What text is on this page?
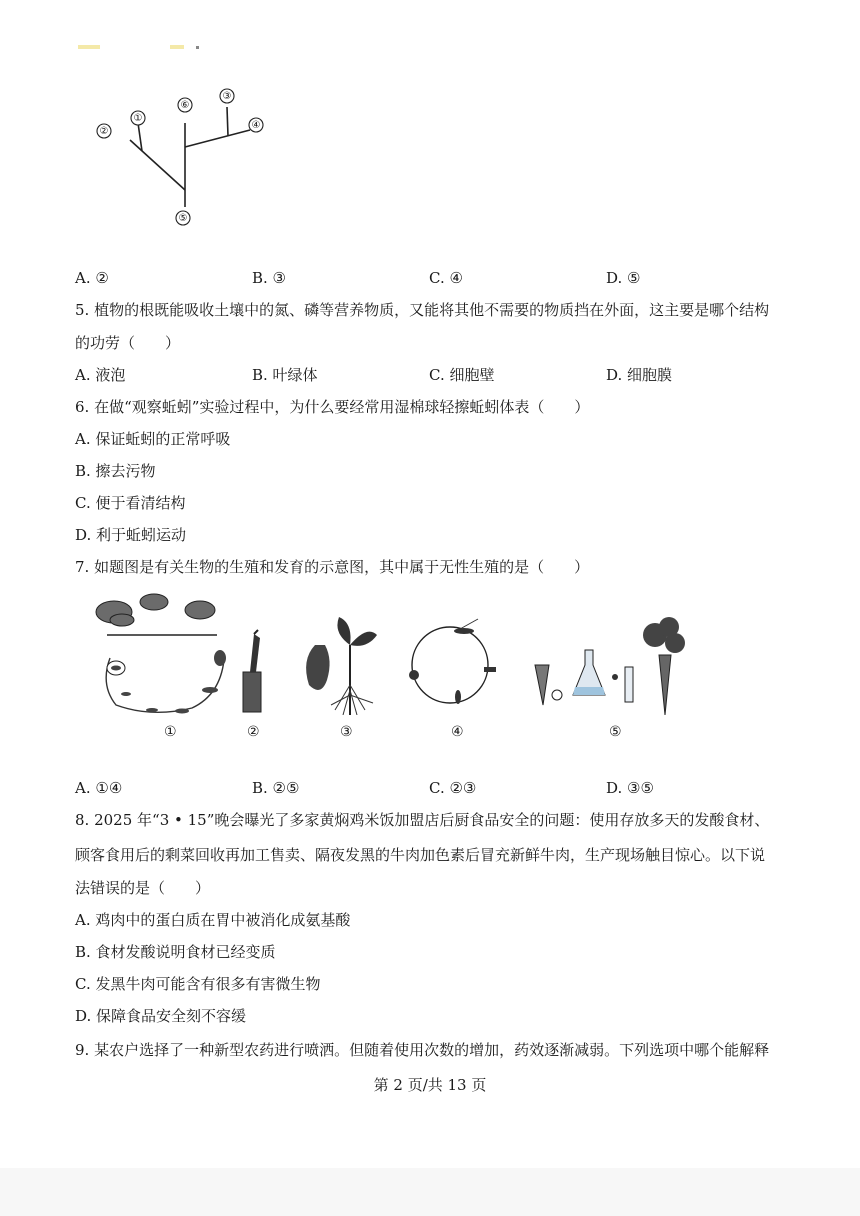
①
②
③
④
⑤
⑥
A. ②	B. ③	C. ④	D. ⑤
5. 植物的根既能吸收土壤中的氮、磷等营养物质，又能将其他不需要的物质挡在外面，这主要是哪个结构
的功劳（　　）
A. 液泡	B. 叶绿体	C. 细胞壁	D. 细胞膜
6. 在做“观察蚯蚓”实验过程中，为什么要经常用湿棉球轻擦蚯蚓体表（　　）
A. 保证蚯蚓的正常呼吸
B. 擦去污物
C. 便于看清结构
D. 利于蚯蚓运动
7. 如题图是有关生物的生殖和发育的示意图，其中属于无性生殖的是（　　）
①	②	③	④	⑤
A. ①④	B. ②⑤	C. ②③	D. ③⑤
8. 2025 年“3 • 15”晚会曝光了多家黄焖鸡米饭加盟店后厨食品安全的问题：使用存放多天的发酸食材、
顾客食用后的剩菜回收再加工售卖、隔夜发黑的牛肉加色素后冒充新鲜牛肉，生产现场触目惊心。以下说
法错误的是（　　）
A. 鸡肉中的蛋白质在胃中被消化成氨基酸
B. 食材发酸说明食材已经变质
C. 发黑牛肉可能含有很多有害微生物
D. 保障食品安全刻不容缓
9. 某农户选择了一种新型农药进行喷洒。但随着使用次数的增加，药效逐渐减弱。下列选项中哪个能解释
第 2 页/共 13 页
